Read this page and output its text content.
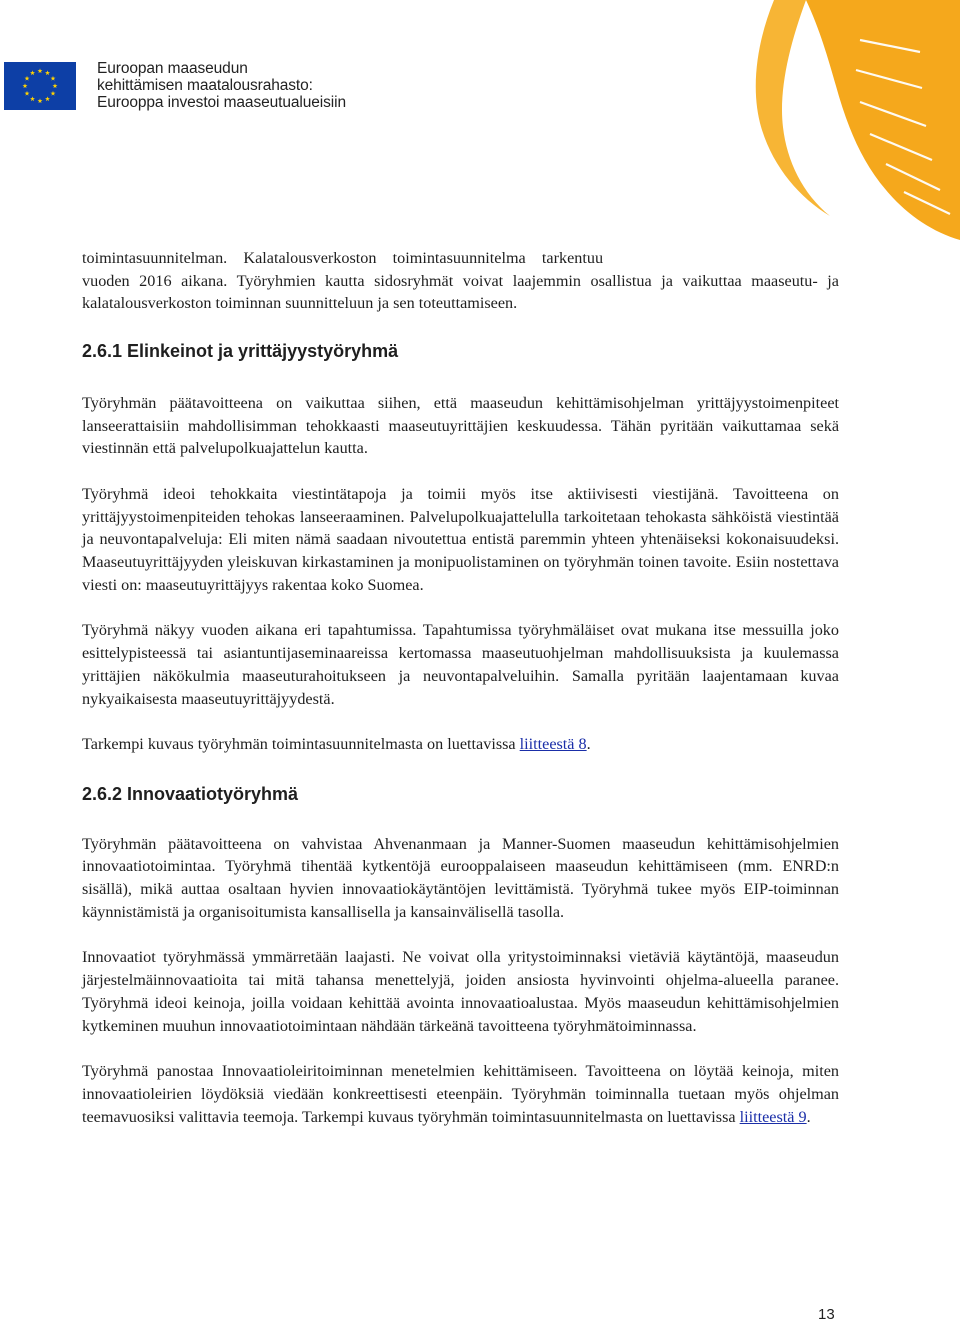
Euroopan maaseudun
kehittämisen maatalousrahasto:
Eurooppa investoi maaseutualueisiin

toimintasuunnitelman.    Kalatalousverkoston    toimintasuunnitelma    tarkentuu
vuoden 2016 aikana. Työryhmien kautta sidosryhmät voivat laajemmin osallistua ja vaikuttaa maaseutu- ja kalatalousverkoston toiminnan suunnitteluun ja sen toteuttamiseen.

2.6.1 Elinkeinot ja yrittäjyystyöryhmä

Työryhmän päätavoitteena on vaikuttaa siihen, että maaseudun kehittämisohjelman yrittäjyystoimenpiteet lanseerattaisiin mahdollisimman tehokkaasti maaseutuyrittäjien keskuudessa. Tähän pyritään vaikuttamaa sekä viestinnän että palvelupolkuajattelun kautta.

Työryhmä ideoi tehokkaita viestintätapoja ja toimii myös itse aktiivisesti viestijänä. Tavoitteena on yrittäjyystoimenpiteiden tehokas lanseeraaminen. Palvelupolkuajattelulla tarkoitetaan tehokasta sähköistä viestintää ja neuvontapalveluja: Eli miten nämä saadaan nivoutettua entistä paremmin yhteen yhtenäiseksi kokonaisuudeksi. Maaseutuyrittäjyyden yleiskuvan kirkastaminen ja monipuolistaminen on työryhmän toinen tavoite. Esiin nostettava viesti on: maaseutuyrittäjyys rakentaa koko Suomea.

Työryhmä näkyy vuoden aikana eri tapahtumissa. Tapahtumissa työryhmäläiset ovat mukana itse messuilla joko esittelypisteessä tai asiantuntijaseminaareissa kertomassa maaseutuohjelman mahdollisuuksista ja kuulemassa yrittäjien näkökulmia maaseuturahoitukseen ja neuvontapalveluihin. Samalla pyritään laajentamaan kuvaa nykyaikaisesta maaseutuyrittäjyydestä.

Tarkempi kuvaus työryhmän toimintasuunnitelmasta on luettavissa liitteestä 8.

2.6.2 Innovaatiotyöryhmä

Työryhmän päätavoitteena on vahvistaa Ahvenanmaan ja Manner-Suomen maaseudun kehittämisohjelmien innovaatiotoimintaa. Työryhmä tihentää kytkentöjä eurooppalaiseen maaseudun kehittämiseen (mm. ENRD:n sisällä), mikä auttaa osaltaan hyvien innovaatiokäytäntöjen levittämistä. Työryhmä tukee myös EIP-toiminnan käynnistämistä ja organisoitumista kansallisella ja kansainvälisellä tasolla.

Innovaatiot työryhmässä ymmärretään laajasti. Ne voivat olla yritystoiminnaksi vietäviä käytäntöjä, maaseudun järjestelmäinnovaatioita tai mitä tahansa menettelyjä, joiden ansiosta hyvinvointi ohjelma-alueella paranee. Työryhmä ideoi keinoja, joilla voidaan kehittää avointa innovaatioalustaa. Myös maaseudun kehittämisohjelmien kytkeminen muuhun innovaatiotoimintaan nähdään tärkeänä tavoitteena työryhmätoiminnassa.

Työryhmä panostaa Innovaatioleiritoiminnan menetelmien kehittämiseen. Tavoitteena on löytää keinoja, miten innovaatioleirien löydöksiä viedään konkreettisesti eteenpäin. Työryhmän toiminnalla tuetaan myös ohjelman teemavuosiksi valittavia teemoja. Tarkempi kuvaus työryhmän toimintasuunnitelmasta on luettavissa liitteestä 9.

13
